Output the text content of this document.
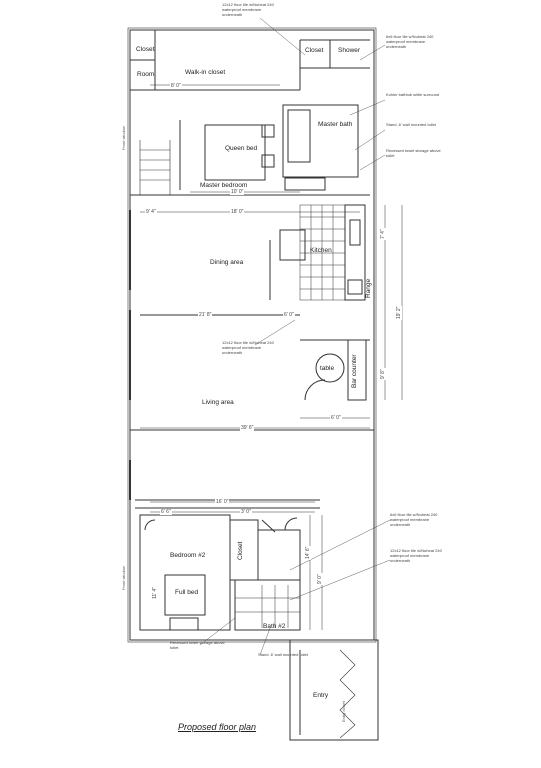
Closet
Room	Walk-in closet
Closet Shower
Master bath
Queen bed
Master bedroom
Kitchen
Dining area
table	Bar counter
Range
Living area
Bedroom #2
Full bed
Closet
Bath #2
Entry
Entry closet
Front window
Front window
12x12 floor tile w/Nuheat 240 waterproof membrane underneath
6x6 floor tile w/Nuheat 240 waterproof membrane underneath
Kohler bathtub w/tile surround
Stand. 6' wall mounted toilet
Recessed towel storage above toilet
12x12 floor tile w/Nuheat 240 waterproof membrane underneath
6x6 floor tile w/Nuheat 240 waterproof membrane underneath
12x12 floor tile w/Nuheat 240 waterproof membrane underneath
Recessed towel storage above toilet
Stand. 6' wall mounted toilet
8' 0"
10' 0"
9' 4"	18' 0"
21' 8"	6' 0"
6' 0"
39' 6"
19' 2"
7' 4"
9' 8"
16' 0"
6' 6"	3' 0"
11' 4"
9' 0"
14' 6"
Proposed floor plan
